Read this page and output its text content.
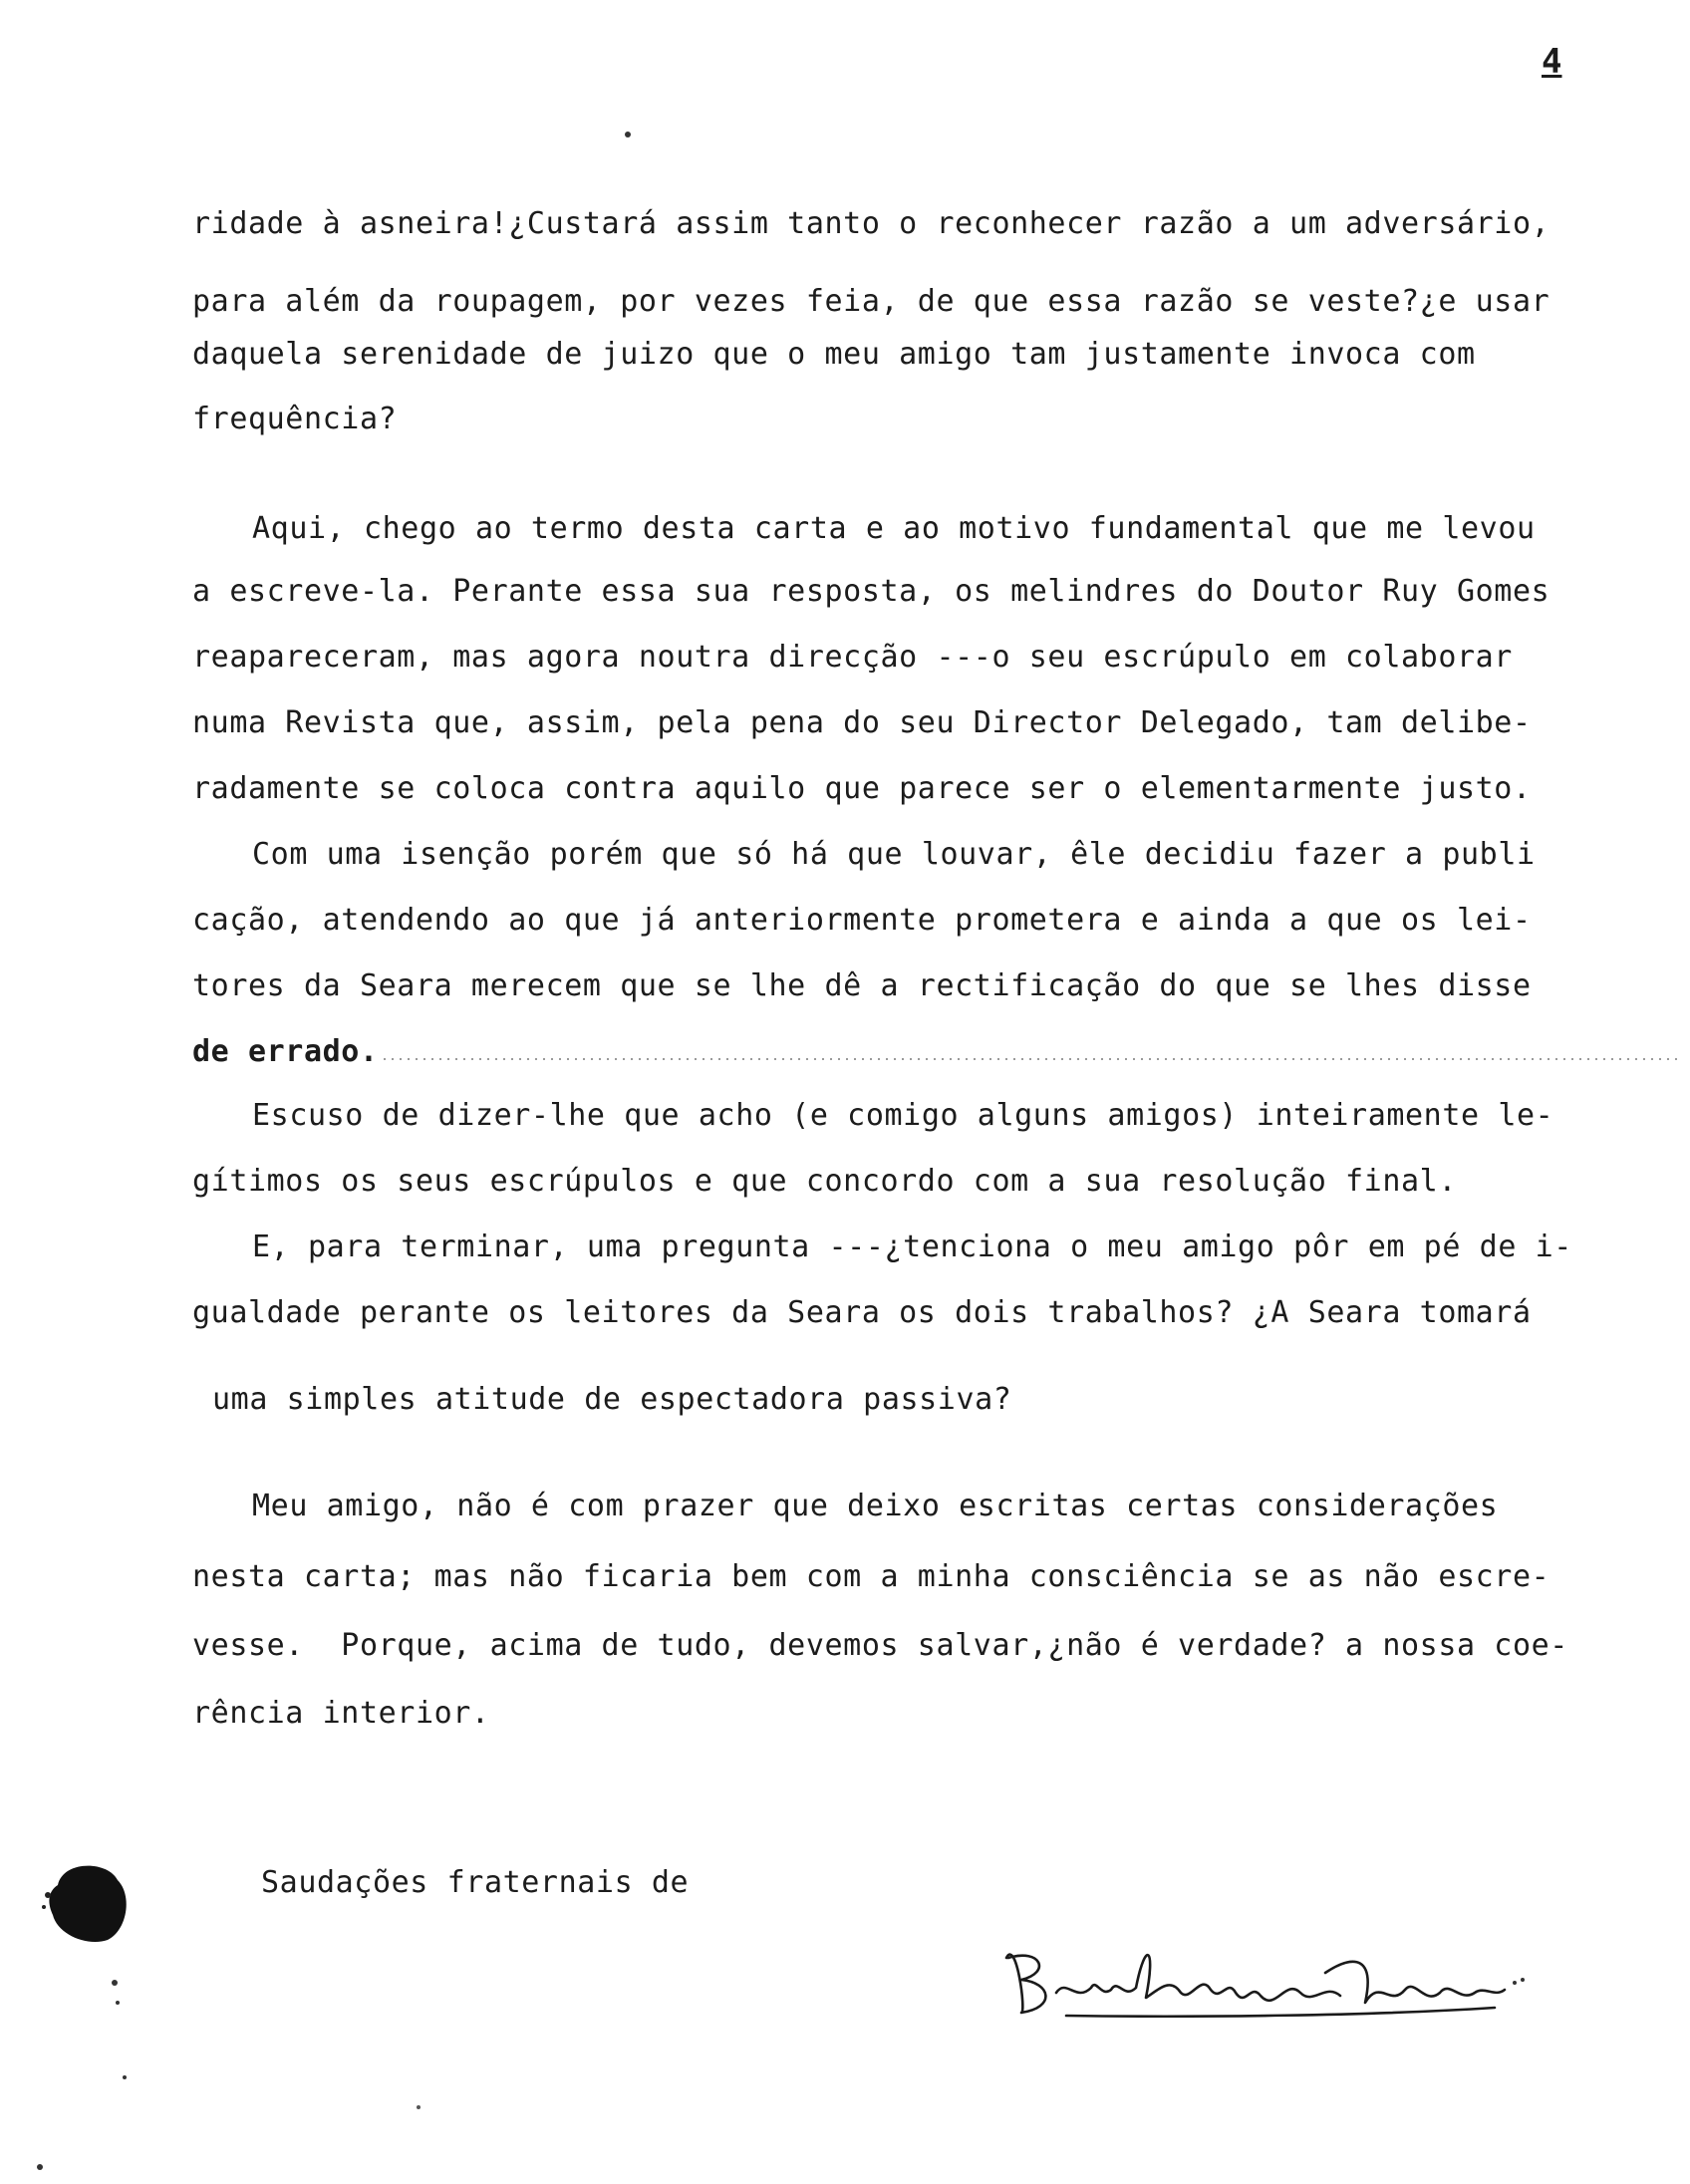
4
ridade à asneira!¿Custará assim tanto o reconhecer razão a um adversário,
para além da roupagem, por vezes feia, de que essa razão se veste?¿e usar
daquela serenidade de juizo que o meu amigo tam justamente invoca com
frequência?
Aqui, chego ao termo desta carta e ao motivo fundamental que me levou
a escreve-la. Perante essa sua resposta, os melindres do Doutor Ruy Gomes
reapareceram, mas agora noutra direcção ---o seu escrúpulo em colaborar
numa Revista que, assim, pela pena do seu Director Delegado, tam delibe-
radamente se coloca contra aquilo que parece ser o elementarmente justo.
Com uma isenção porém que só há que louvar, êle decidiu fazer a publi
cação, atendendo ao que já anteriormente prometera e ainda a que os lei-
tores da Seara merecem que se lhe dê a rectificação do que se lhes disse
de errado.
Escuso de dizer-lhe que acho (e comigo alguns amigos) inteiramente le-
gítimos os seus escrúpulos e que concordo com a sua resolução final.
E, para terminar, uma pregunta ---¿tenciona o meu amigo pôr em pé de i-
gualdade perante os leitores da Seara os dois trabalhos? ¿A Seara tomará
uma simples atitude de espectadora passiva?
Meu amigo, não é com prazer que deixo escritas certas considerações
nesta carta; mas não ficaria bem com a minha consciência se as não escre-
vesse.  Porque, acima de tudo, devemos salvar,¿não é verdade? a nossa coe-
rência interior.
Saudações fraternais de
